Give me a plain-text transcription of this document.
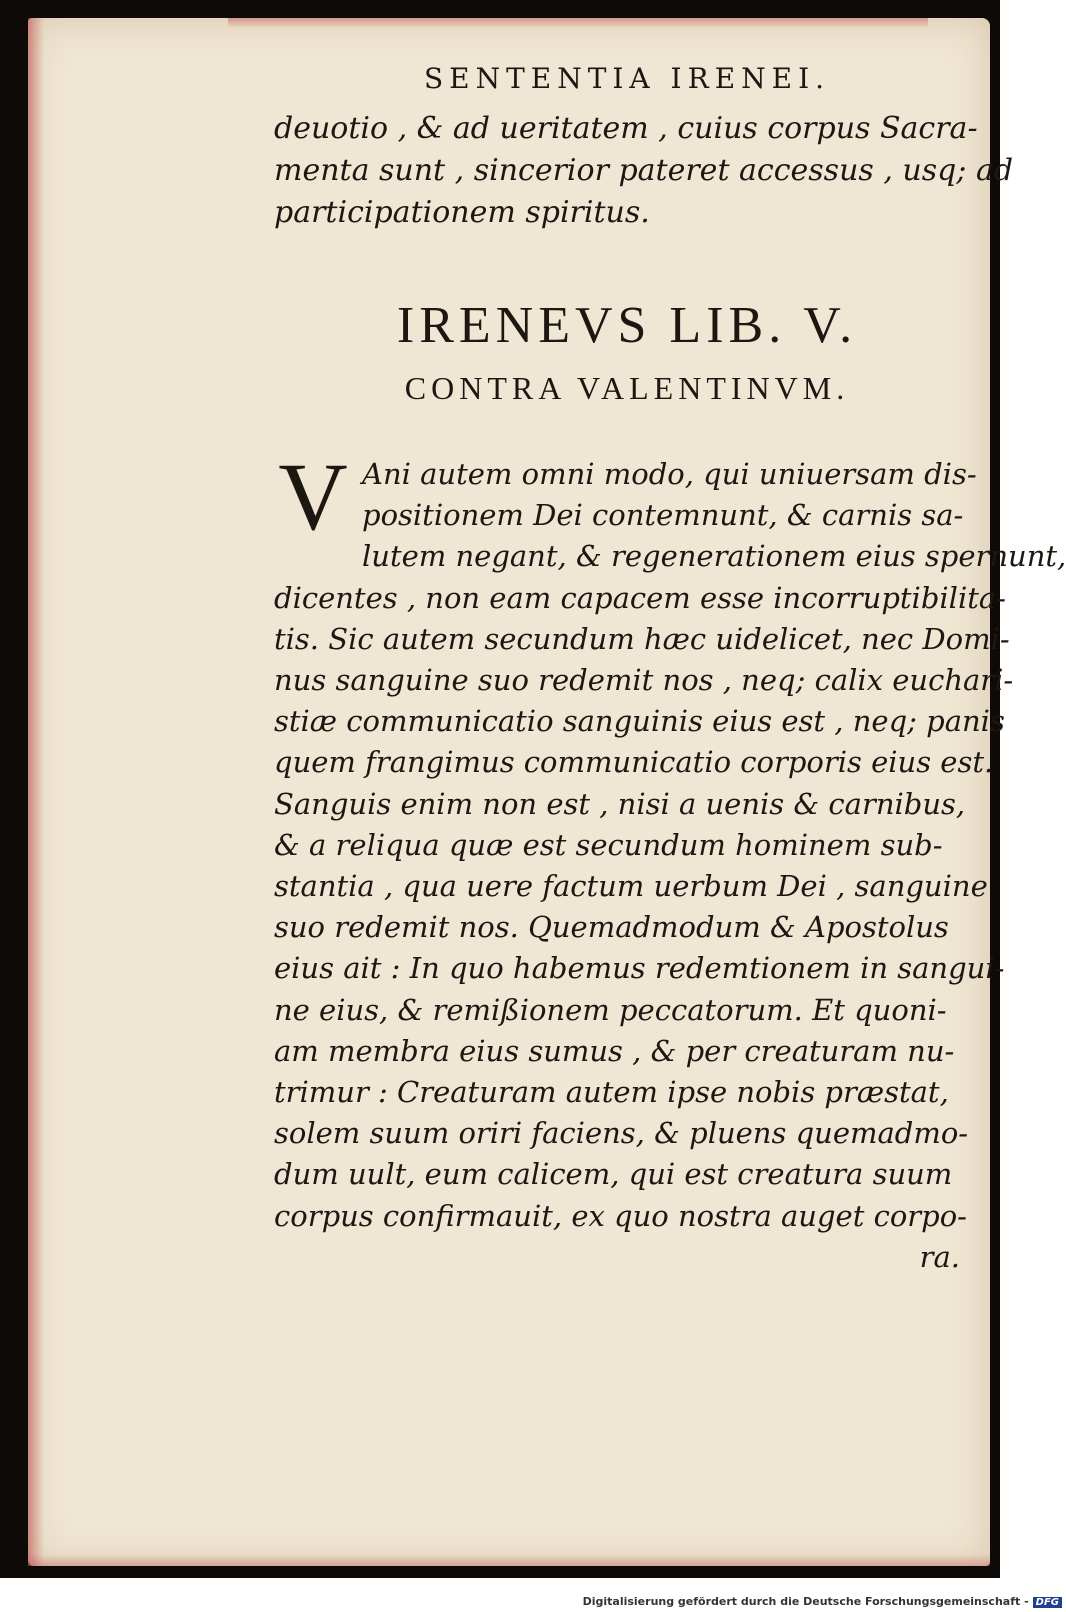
SENTENTIA IRENEI.
deuotio , & ad ueritatem , cuius corpus Sacra-
menta sunt , sincerior pateret accessus , usq; ad
participationem spiritus.
IRENEVS LIB. V.
CONTRA VALENTINVM.
V Ani autem omni modo, qui uniuersam dis-
positionem Dei contemnunt, & carnis sa-
lutem negant, & regenerationem eius spernunt,
dicentes , non eam capacem esse incorruptibilita-
tis. Sic autem secundum hæc uidelicet, nec Domi-
nus sanguine suo redemit nos , neq; calix euchari-
stiæ communicatio sanguinis eius est , neq; panis
quem frangimus communicatio corporis eius est.
Sanguis enim non est , nisi a uenis & carnibus,
& a reliqua quæ est secundum hominem sub-
stantia , qua uere factum uerbum Dei , sanguine
suo redemit nos. Quemadmodum & Apostolus
eius ait : In quo habemus redemtionem in sangui-
ne eius, & remißionem peccatorum. Et quoni-
am membra eius sumus , & per creaturam nu-
trimur : Creaturam autem ipse nobis præstat,
solem suum oriri faciens, & pluens quemadmo-
dum uult, eum calicem, qui est creatura suum
corpus confirmauit, ex quo nostra auget corpo-
ra.
Digitalisierung gefördert durch die Deutsche Forschungsgemeinschaft - DFG
